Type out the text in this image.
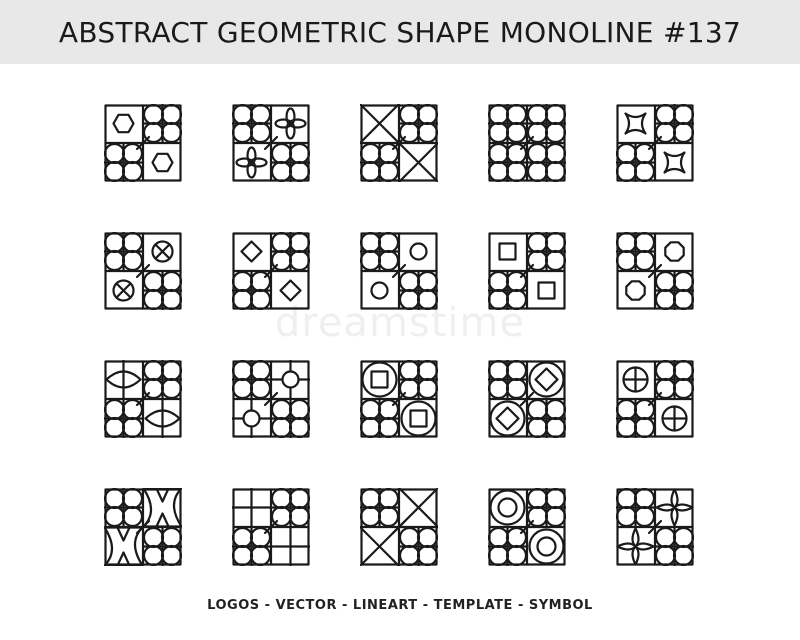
ABSTRACT GEOMETRIC SHAPE MONOLINE #137
dreamstime
LOGOS - VECTOR - LINEART - TEMPLATE - SYMBOL
